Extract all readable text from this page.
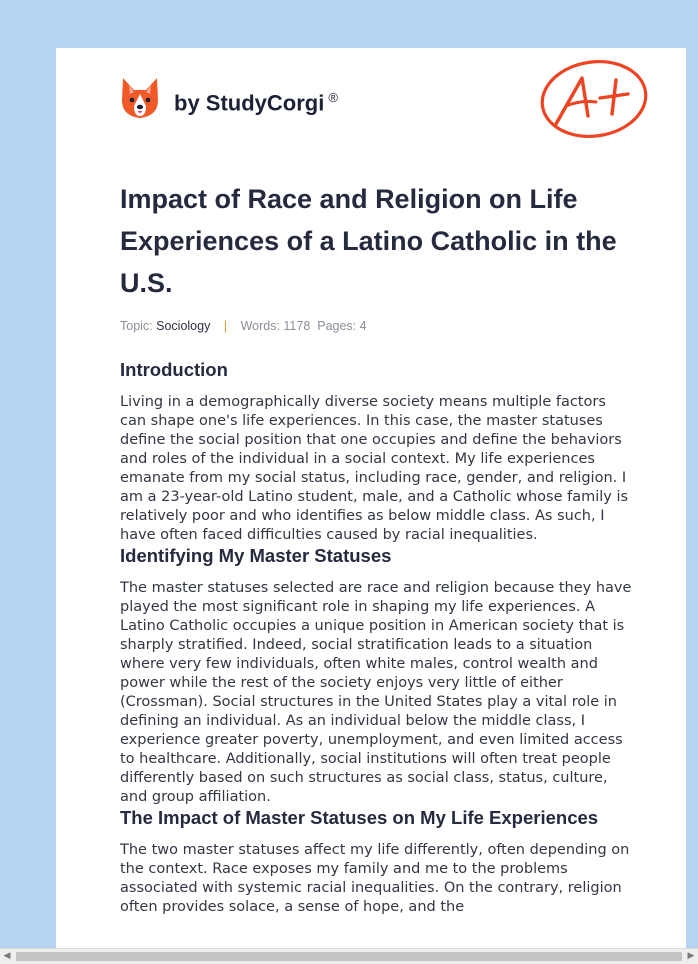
by StudyCorgi ®
Impact of Race and Religion on Life Experiences of a Latino Catholic in the U.S.
Topic: Sociology | Words: 1178 Pages: 4
Introduction

Living in a demographically diverse society means multiple factors can shape one's life experiences. In this case, the master statuses define the social position that one occupies and define the behaviors and roles of the individual in a social context. My life experiences emanate from my social status, including race, gender, and religion. I am a 23-year-old Latino student, male, and a Catholic whose family is relatively poor and who identifies as below middle class. As such, I have often faced difficulties caused by racial inequalities.

Identifying My Master Statuses

The master statuses selected are race and religion because they have played the most significant role in shaping my life experiences. A Latino Catholic occupies a unique position in American society that is sharply stratified. Indeed, social stratification leads to a situation where very few individuals, often white males, control wealth and power while the rest of the society enjoys very little of either (Crossman). Social structures in the United States play a vital role in defining an individual. As an individual below the middle class, I experience greater poverty, unemployment, and even limited access to healthcare. Additionally, social institutions will often treat people differently based on such structures as social class, status, culture, and group affiliation.

The Impact of Master Statuses on My Life Experiences

The two master statuses affect my life differently, often depending on the context. Race exposes my family and me to the problems associated with systemic racial inequalities. On the contrary, religion often provides solace, a sense of hope, and the

◀	▶
